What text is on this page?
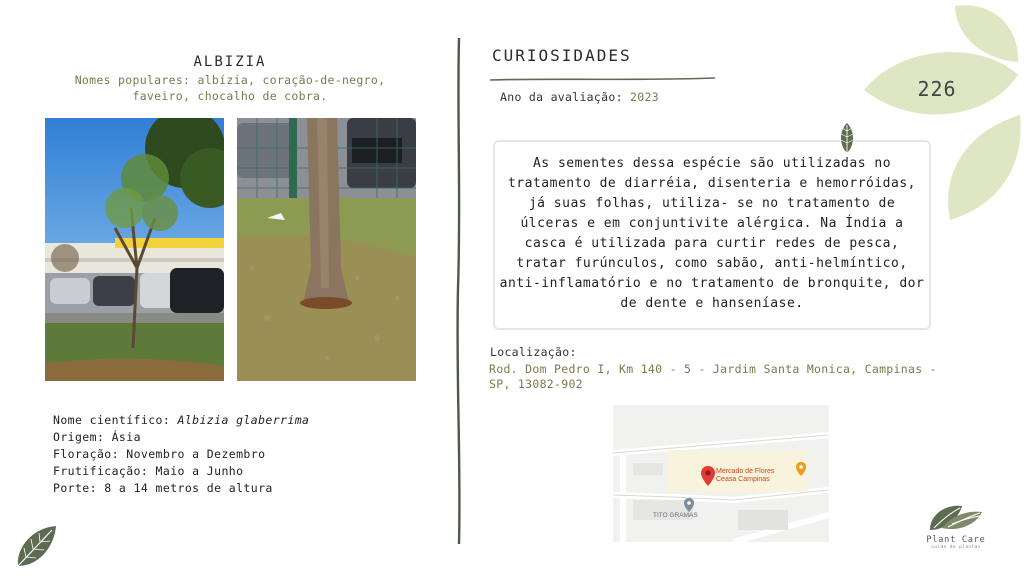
ALBIZIA
Nomes populares: albízia, coração-de-negro, faveiro, chocalho de cobra.
Nome científico: Albizia glaberrima
Origem: Ásia
Floração: Novembro a Dezembro
Frutificação: Maio a Junho
Porte: 8 a 14 metros de altura
CURIOSIDADES
Ano da avaliação: 2023
As sementes dessa espécie são utilizadas no tratamento de diarréia, disenteria e hemorróidas, já suas folhas, utiliza- se no tratamento de úlceras e em conjuntivite alérgica. Na Índia a casca é utilizada para curtir redes de pesca, tratar furúnculos, como sabão, anti-helmíntico, anti-inflamatório e no tratamento de bronquite, dor de dente e hanseníase.
Localização:
Rod. Dom Pedro I, Km 140 - 5 - Jardim Santa Monica, Campinas - SP, 13082-902
Mercado de Flores
Ceasa Campinas
TITO GRAMAS
226
Plant Care
cuide de plantas
